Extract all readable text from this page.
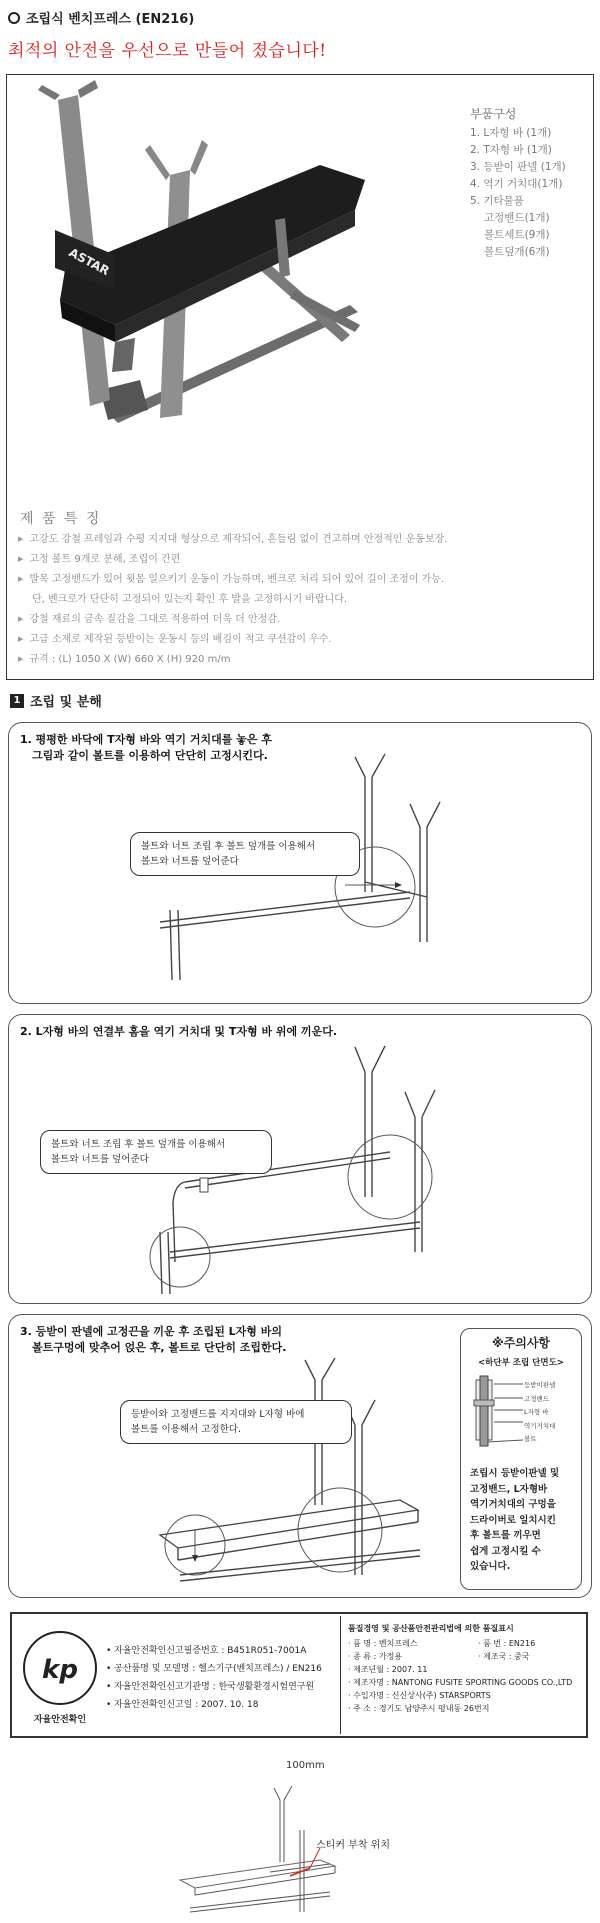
조립식 벤치프레스 (EN216)
최적의 안전을 우선으로 만들어 졌습니다!
ASTAR
부품구성
1. L자형 바 (1개)
2. T자형 바 (1개)
3. 등받이 판넬 (1개)
4. 역기 거치대(1개)
5. 기타물품
고정밴드(1개)
볼트세트(9개)
볼트덮개(6개)
제 품 특 징
▶ 고강도 강철 프레임과 수평 지지대 형상으로 제작되어, 흔들림 없이 견고하며 안정적인 운동보장.
▶ 고정 볼트 9개로 분해, 조립이 간편
▶ 발목 고정밴드가 있어 윗몸 일으키기 운동이 가능하며, 벤크로 처리 되어 있어 길이 조정이 가능.
단, 벤크로가 단단히 고정되어 있는지 확인 후 발을 고정하시기 바랍니다.
▶ 강철 재료의 금속 질감을 그대로 적용하여 더욱 더 안정감.
▶ 고급 소재로 제작된 등받이는 운동시 등의 배김이 적고 쿠션감이 우수.
▶ 규격 : (L) 1050 X (W) 660 X (H) 920 m/m
1 조립 및 분해
1. 평평한 바닥에 T자형 바와 역기 거치대를 놓은 후
그림과 같이 볼트를 이용하여 단단히 고정시킨다.
볼트와 너트 조립 후 볼트 덮개를 이용해서
볼트와 너트를 덮어준다
2. L자형 바의 연결부 홈을 역기 거치대 및 T자형 바 위에 끼운다.
볼트와 너트 조립 후 볼트 덮개를 이용해서
볼트와 너트를 덮어준다
3. 등받이 판넬에 고정끈을 끼운 후 조립된 L자형 바의
볼트구멍에 맞추어 얹은 후, 볼트로 단단히 조립한다.
등받이와 고정밴드를 지지대와 L자형 바에
볼트를 이용해서 고정한다.
※주의사항
<하단부 조립 단면도>
등받이판넬
고정밴드
L자형 바
역기거치대
볼트
조립시 등받이판넬 및
고정밴드, L자형바
역기거치대의 구멍을
드라이버로 일치시킨
후 볼트를 끼우면
쉽게 고정시킬 수
있습니다.
kp
자율안전확인
• 자율안전확인신고필증번호 : B451R051-7001A
• 공산품명 및 모델명 : 헬스기구(벤치프레스) / EN216
• 자율안전확인신고기관명 : 한국생활환경시험연구원
• 자율안전확인신고일 : 2007. 10. 18
품질경영 및 공산품안전관리법에 의한 품질표시
· 품 명 : 벤치프레스	· 품 번 : EN216
· 종 류 : 가정용	· 제조국 : 중국
· 제조년월 : 2007. 11
· 제조자명 : NANTONG FUSITE SPORTING GOODS CO.,LTD
· 수입자명 : 신신상사(주) STARSPORTS
· 주 소 : 경기도 남양주시 평내동 26번지
100mm
스티커 부착 위치
